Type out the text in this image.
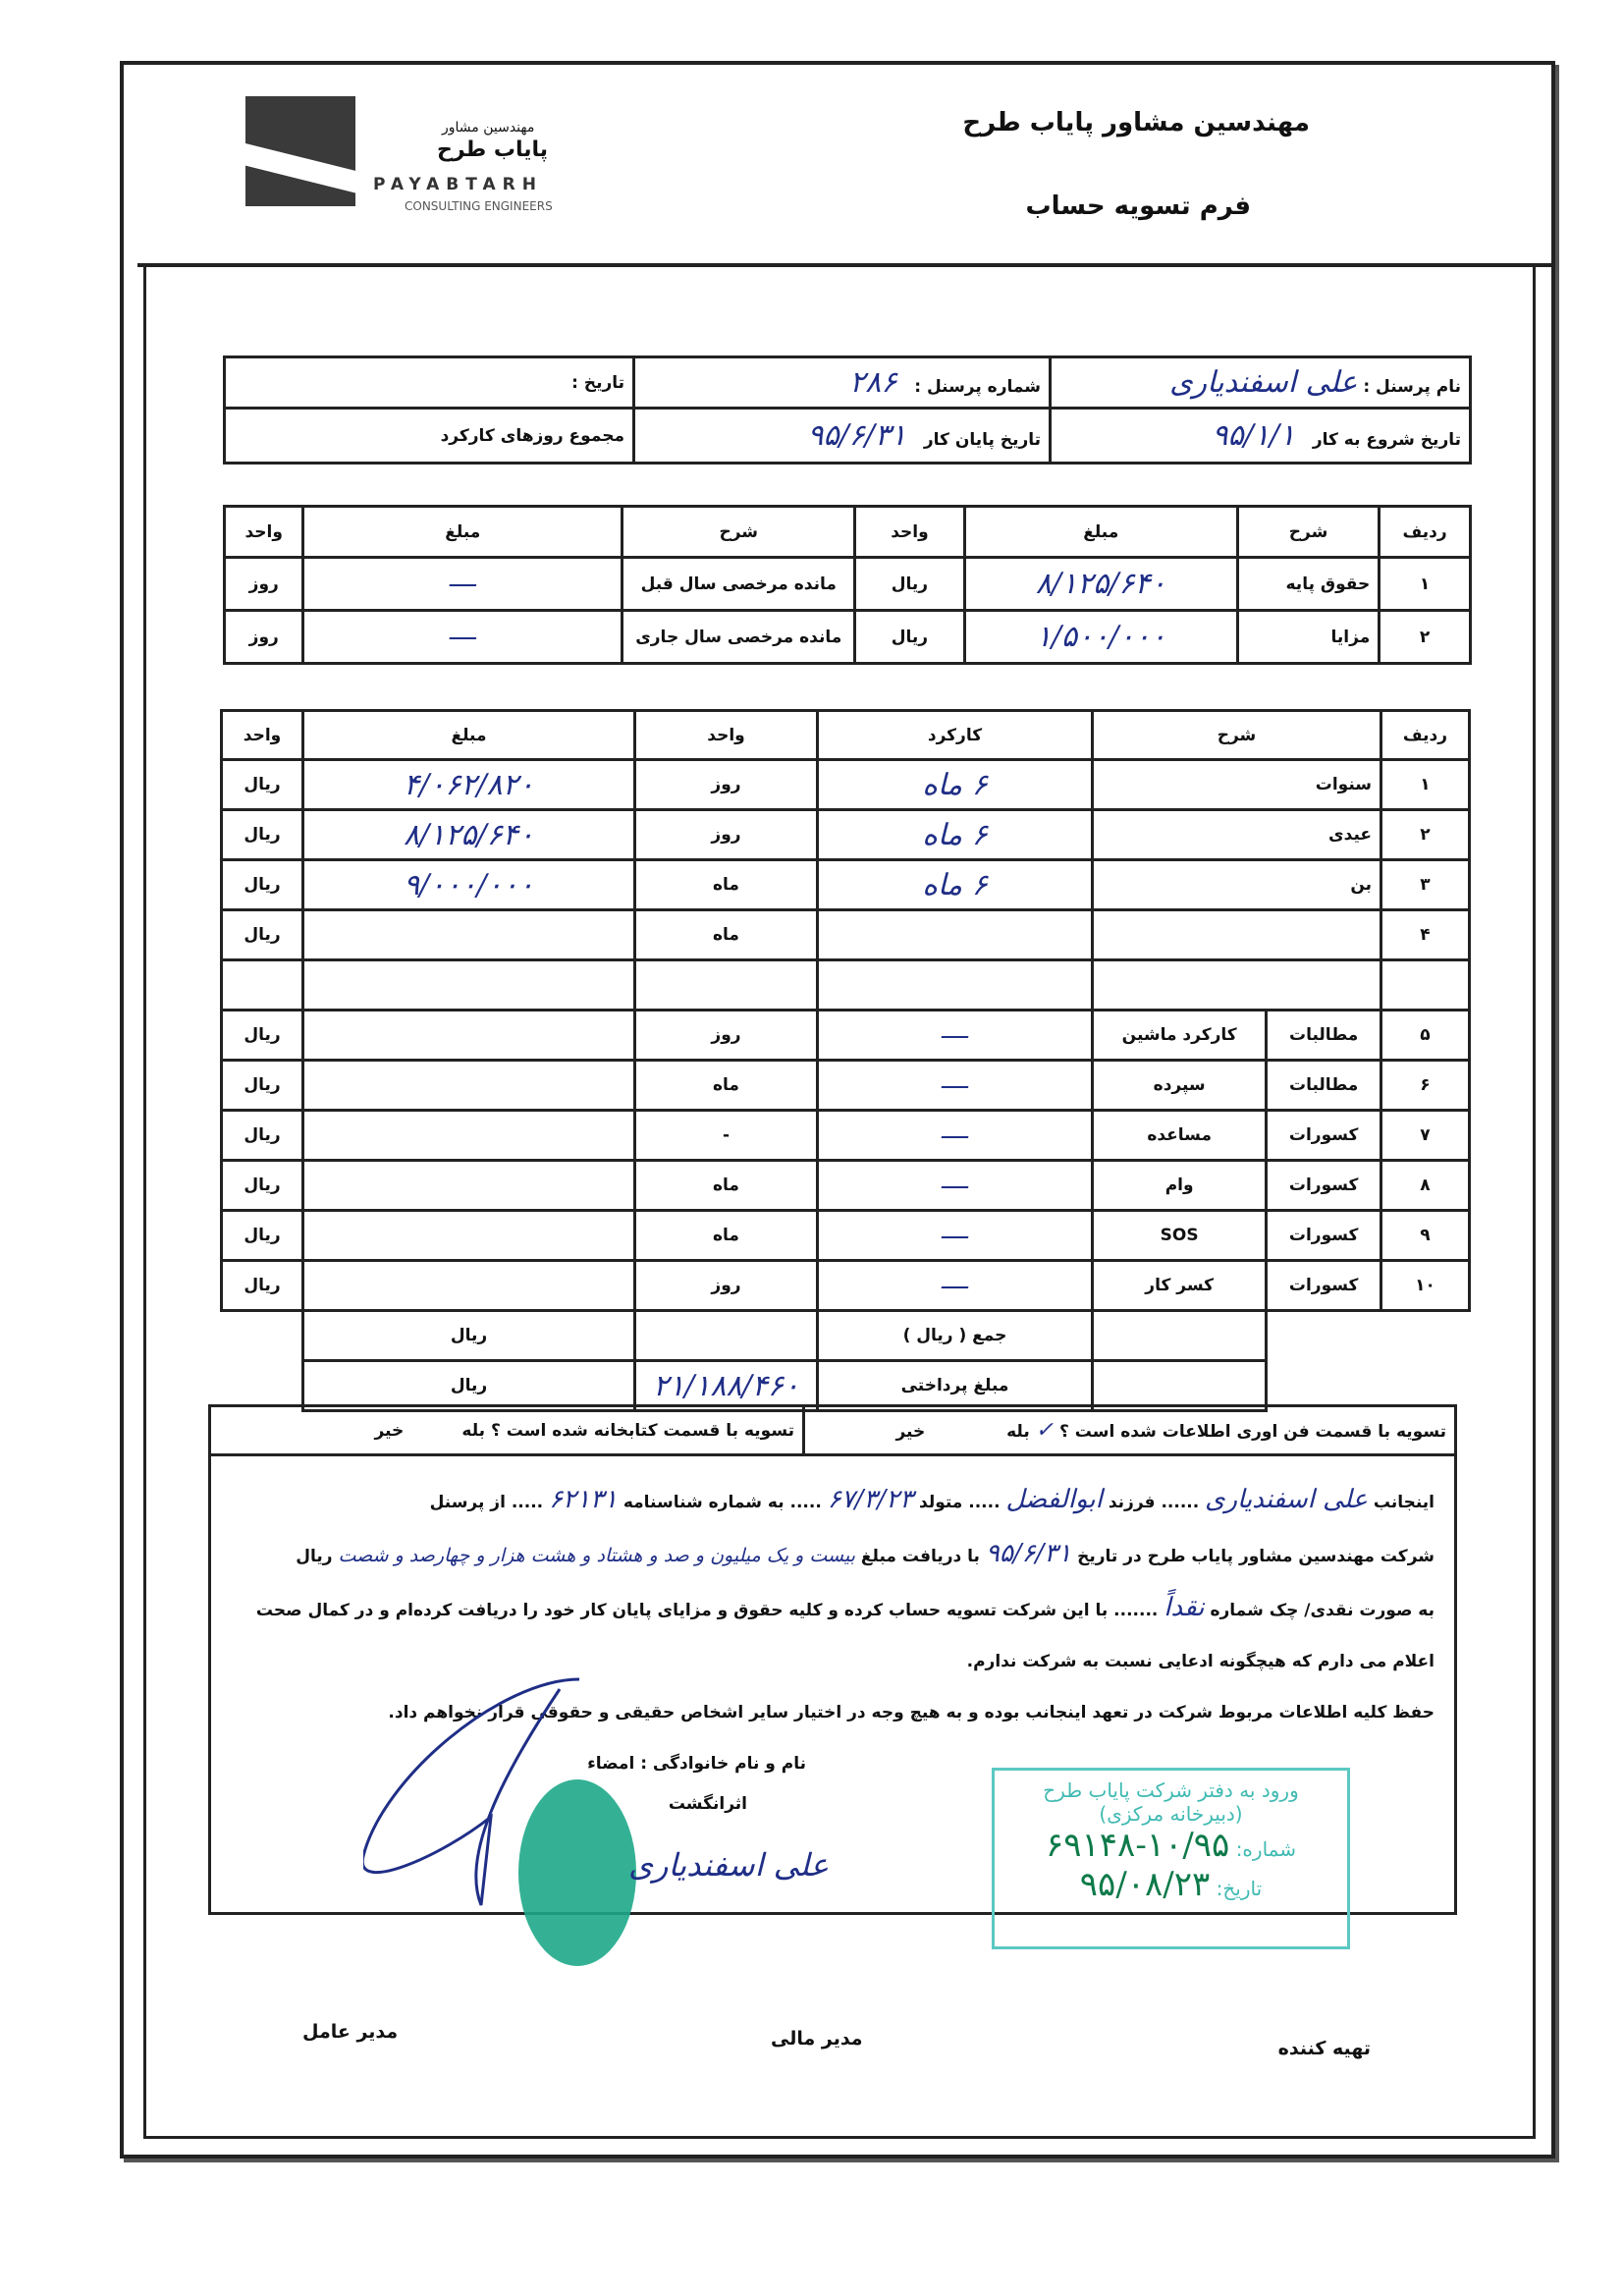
مهندسین مشاور
پایاب طرح
PAYABTARH
CONSULTING ENGINEERS
مهندسین مشاور پایاب طرح
فرم تسویه حساب
نام پرسنل : علی اسفندیاری	شماره پرسنل :   ۲۸۶	تاریخ :
تاریخ شروع به کار   ۹۵/۱/۱	تاریخ پایان کار   ۹۵/۶/۳۱	مجموع روزهای کارکرد
ردیف	شرح	مبلغ	واحد	شرح	مبلغ	واحد
۱	حقوق پایه	۸/۱۲۵/۶۴۰	ریال	مانده مرخصی سال قبل	—	روز
۲	مزایا	۱/۵۰۰/۰۰۰	ریال	مانده مرخصی سال جاری	—	روز
ردیف	شرح		کارکرد	واحد	مبلغ	واحد
۱	سنوات		۶ ماه	روز	۴/۰۶۲/۸۲۰	ریال
۲	عیدی		۶ ماه	روز	۸/۱۲۵/۶۴۰	ریال
۳	بن		۶ ماه	ماه	۹/۰۰۰/۰۰۰	ریال
۴				ماه		ریال

۵	مطالبات	کارکرد ماشین	—	روز		ریال
۶	مطالبات	سپرده	—	ماه		ریال
۷	کسورات	مساعده	—	-		ریال
۸	کسورات	وام	—	ماه		ریال
۹	کسورات	SOS	—	ماه		ریال
۱۰	کسورات	کسر کار	—	روز		ریال
			جمع ( ریال )		ریال	
			مبلغ پرداختی	۲۱/۱۸۸/۴۶۰	ریال	
تسویه با قسمت فن اوری اطلاعات شده است ؟ ✓ بله              خیر	تسویه با قسمت کتابخانه شده است ؟ بله          خیر
اینجانب علی اسفندیاری ...... فرزند ابوالفضل ..... متولد ۶۷/۳/۲۳ ..... به شماره شناسنامه ۶۲۱۳۱ ..... از پرسنل
شرکت مهندسین مشاور پایاب طرح در تاریخ ۹۵/۶/۳۱ با دریافت مبلغ بیست و یک میلیون و صد و هشتاد و هشت هزار و چهارصد و شصت ریال
به صورت نقدی/ چک شماره نقداً ....... با این شرکت تسویه حساب کرده و کلیه حقوق و مزایای پایان کار خود را دریافت کرده‌ام و در کمال صحت
اعلام می دارم که هیچگونه ادعایی نسبت به شرکت ندارم.
حفظ کلیه اطلاعات مربوط شرکت در تعهد اینجانب بوده و به هیچ وجه در اختیار سایر اشخاص حقیقی و حقوقی قرار نخواهم داد.
نام و نام خانوادگی : امضاء
اثرانگشت
علی اسفندیاری
ورود به دفتر شرکت پایاب طرح
(دبیرخانه مرکزی)
شماره: ۱۰/۹۵-۶۹۱۴۸
تاریخ: ۹۵/۰۸/۲۳
تهیه کننده
مدیر مالی
مدیر عامل
